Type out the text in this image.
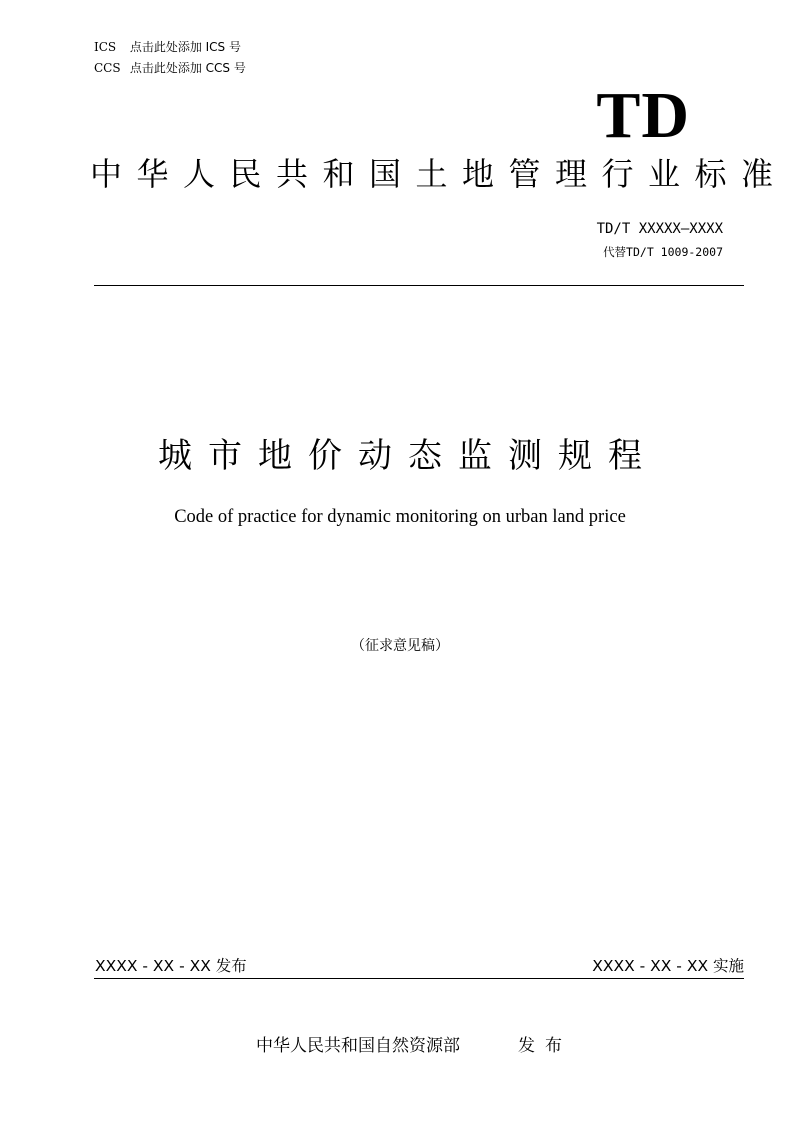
ICS 点击此处添加 ICS 号
CCS 点击此处添加 CCS 号
TD
中华人民共和国土地管理行业标准
TD/T XXXXX—XXXX
代替TD/T 1009-2007
城市地价动态监测规程
Code of practice for dynamic monitoring on urban land price
（征求意见稿）
XXXX - XX - XX 发布	XXXX - XX - XX 实施
中华人民共和国自然资源部	发布
